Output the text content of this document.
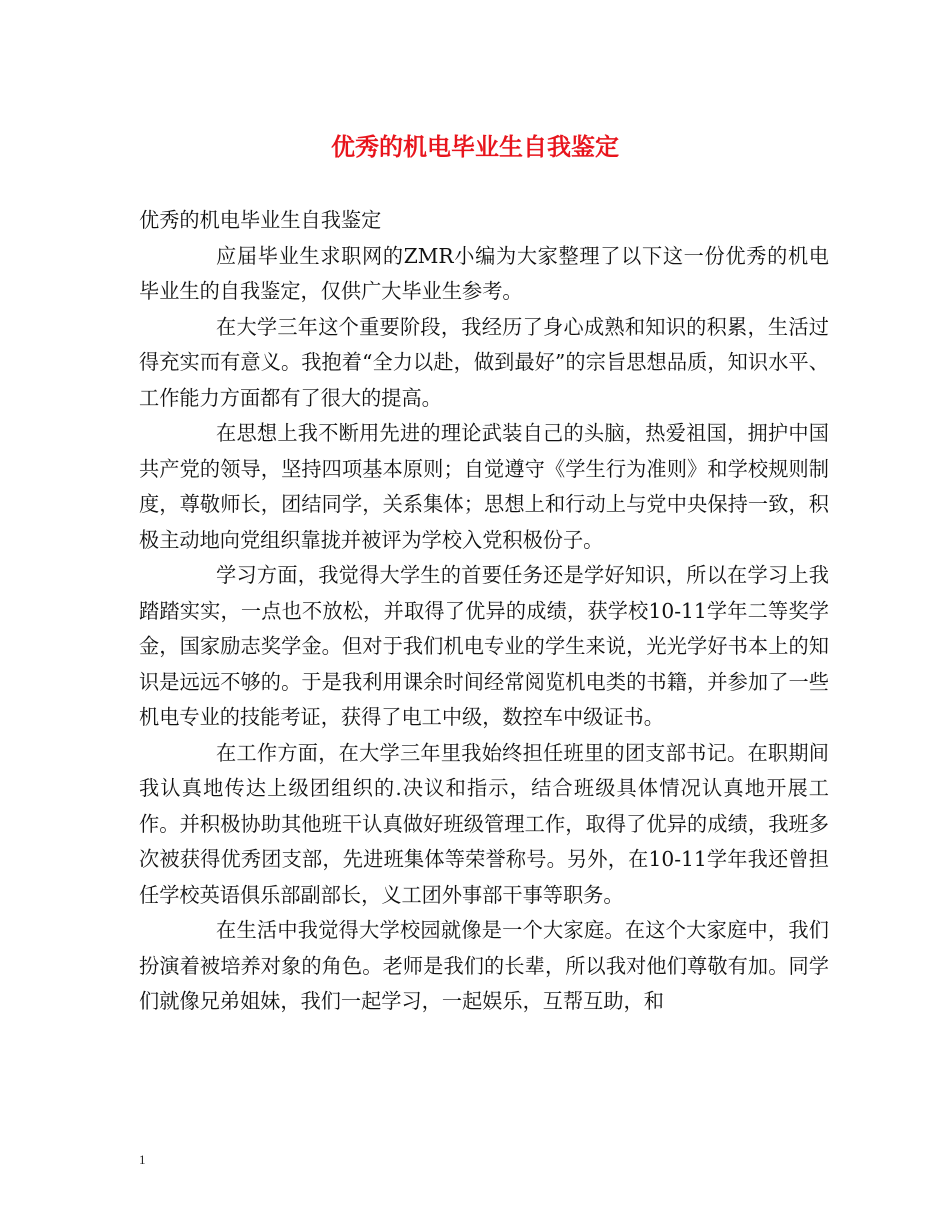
优秀的机电毕业生自我鉴定

优秀的机电毕业生自我鉴定

应届毕业生求职网的ZMR小编为大家整理了以下这一份优秀的机电毕业生的自我鉴定，仅供广大毕业生参考。

在大学三年这个重要阶段，我经历了身心成熟和知识的积累，生活过得充实而有意义。我抱着“全力以赴，做到最好”的宗旨思想品质，知识水平、工作能力方面都有了很大的提高。

在思想上我不断用先进的理论武装自己的头脑，热爱祖国，拥护中国共产党的领导，坚持四项基本原则；自觉遵守《学生行为准则》和学校规则制度，尊敬师长，团结同学，关系集体；思想上和行动上与党中央保持一致，积极主动地向党组织靠拢并被评为学校入党积极份子。

学习方面，我觉得大学生的首要任务还是学好知识，所以在学习上我踏踏实实，一点也不放松，并取得了优异的成绩，获学校10-11学年二等奖学金，国家励志奖学金。但对于我们机电专业的学生来说，光光学好书本上的知识是远远不够的。于是我利用课余时间经常阅览机电类的书籍，并参加了一些机电专业的技能考证，获得了电工中级，数控车中级证书。

在工作方面，在大学三年里我始终担任班里的团支部书记。在职期间我认真地传达上级团组织的.决议和指示，结合班级具体情况认真地开展工作。并积极协助其他班干认真做好班级管理工作，取得了优异的成绩，我班多次被获得优秀团支部，先进班集体等荣誉称号。另外，在10-11学年我还曾担任学校英语俱乐部副部长，义工团外事部干事等职务。

在生活中我觉得大学校园就像是一个大家庭。在这个大家庭中，我们扮演着被培养对象的角色。老师是我们的长辈，所以我对他们尊敬有加。同学们就像兄弟姐妹，我们一起学习，一起娱乐，互帮互助，和

1
